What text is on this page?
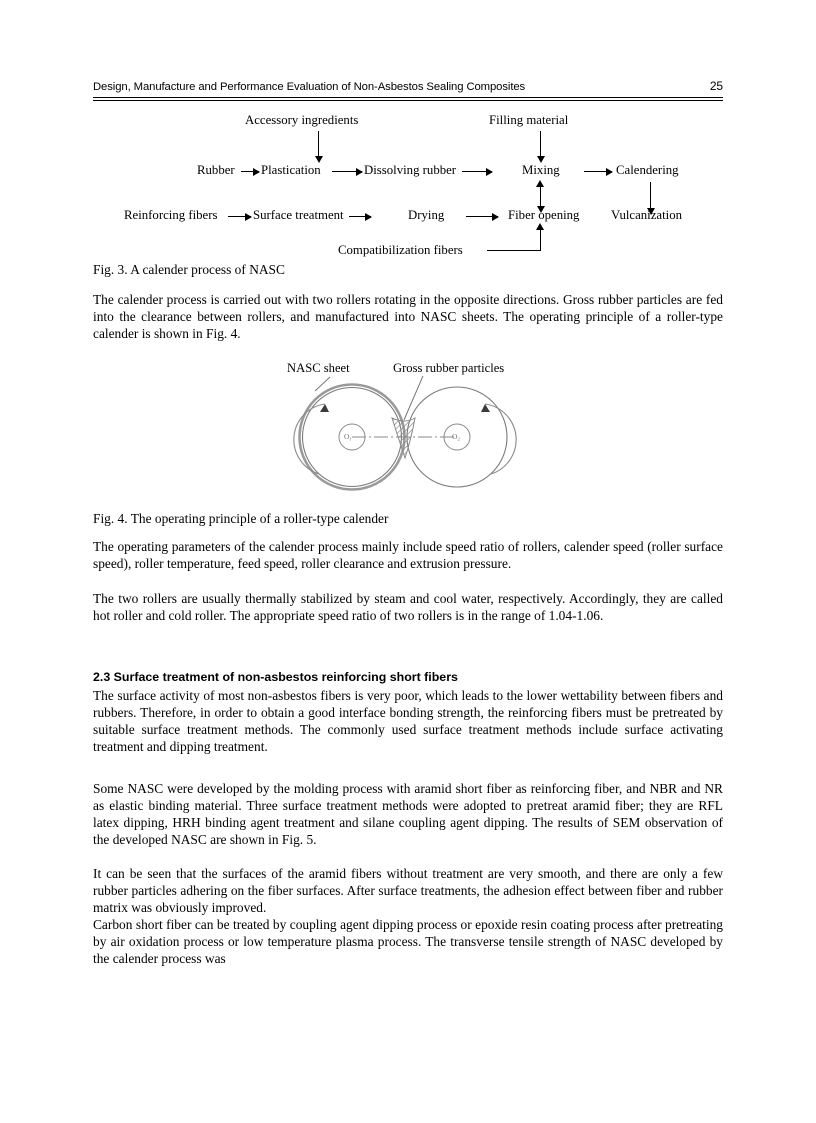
Design, Manufacture and Performance Evaluation of Non-Asbestos Sealing Composites	25
Accessory ingredients	Filling material
Rubber Plastication	Dissolving rubber	Mixing	Calendering
Reinforcing fibers	Surface treatment	Drying	Fiber opening Vulcanization
Compatibilization fibers
Fig. 3. A calender process of NASC
The calender process is carried out with two rollers rotating in the opposite directions. Gross rubber particles are fed into the clearance between rollers, and manufactured into NASC sheets. The operating principle of a roller-type calender is shown in Fig. 4.
NASC sheet	Gross rubber particles
O₁	O₂
Fig. 4. The operating principle of a roller-type calender
The operating parameters of the calender process mainly include speed ratio of rollers, calender speed (roller surface speed), roller temperature, feed speed, roller clearance and extrusion pressure.
The two rollers are usually thermally stabilized by steam and cool water, respectively. Accordingly, they are called hot roller and cold roller. The appropriate speed ratio of two rollers is in the range of 1.04-1.06.
2.3 Surface treatment of non-asbestos reinforcing short fibers
The surface activity of most non-asbestos fibers is very poor, which leads to the lower wettability between fibers and rubbers. Therefore, in order to obtain a good interface bonding strength, the reinforcing fibers must be pretreated by suitable surface treatment methods. The commonly used surface treatment methods include surface activating treatment and dipping treatment.
Some NASC were developed by the molding process with aramid short fiber as reinforcing fiber, and NBR and NR as elastic binding material. Three surface treatment methods were adopted to pretreat aramid fiber; they are RFL latex dipping, HRH binding agent treatment and silane coupling agent dipping. The results of SEM observation of the developed NASC are shown in Fig. 5.
It can be seen that the surfaces of the aramid fibers without treatment are very smooth, and there are only a few rubber particles adhering on the fiber surfaces. After surface treatments, the adhesion effect between fiber and rubber matrix was obviously improved.
Carbon short fiber can be treated by coupling agent dipping process or epoxide resin coating process after pretreating by air oxidation process or low temperature plasma process. The transverse tensile strength of NASC developed by the calender process was
